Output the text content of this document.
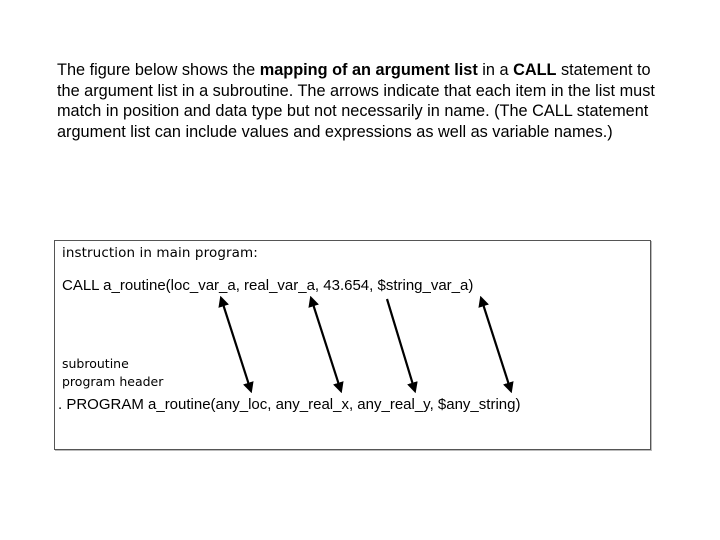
The figure below shows the mapping of an argument list in a CALL statement to the argument list in a subroutine. The arrows indicate that each item in the list must match in position and data type but not necessarily in name. (The CALL statement argument list can include values and expressions as well as variable names.)

instruction in main program:
CALL a_routine(loc_var_a, real_var_a, 43.654, $string_var_a)
subroutine
program header
. PROGRAM a_routine(any_loc, any_real_x, any_real_y, $any_string)
